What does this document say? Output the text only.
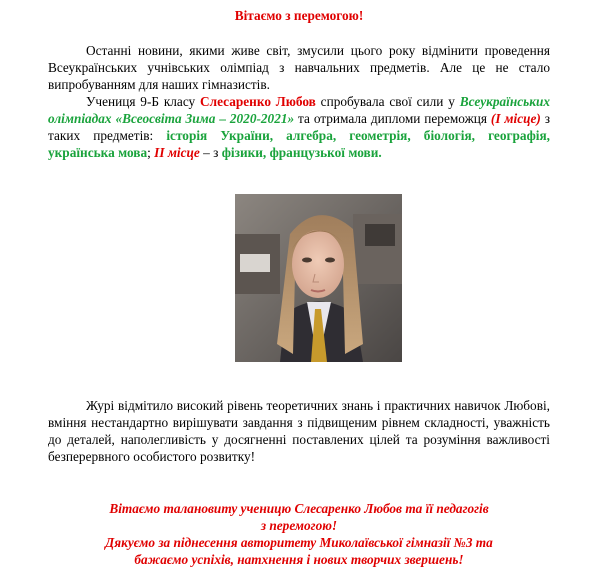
Вітаємо з перемогою!

Останні новини, якими живе світ, змусили цього року відмінити проведення Всеукраїнських учнівських олімпіад з навчальних предметів. Але це не стало випробуванням для наших гімназистів.

Учениця 9-Б класу Слесаренко Любов спробувала свої сили у Всеукраїнських олімпіадах «Всеосвіта Зима – 2020-2021» та отримала дипломи переможця (І місце) з таких предметів: історія України, алгебра, геометрія, біологія, географія, українська мова; ІІ місце – з фізики, французької мови.

Журі відмітило високий рівень теоретичних знань і практичних навичок Любові, вміння нестандартно вирішувати завдання з підвищеним рівнем складності, уважність до деталей, наполегливість у досягненні поставлених цілей та розуміння важливості безперервного особистого розвитку!

Вітаємо талановиту ученицю Слесаренко Любов та її педагогів
з перемогою!
Дякуємо за піднесення авторитету Миколаївської гімназії №3 та
бажаємо успіхів, натхнення і нових творчих звершень!
